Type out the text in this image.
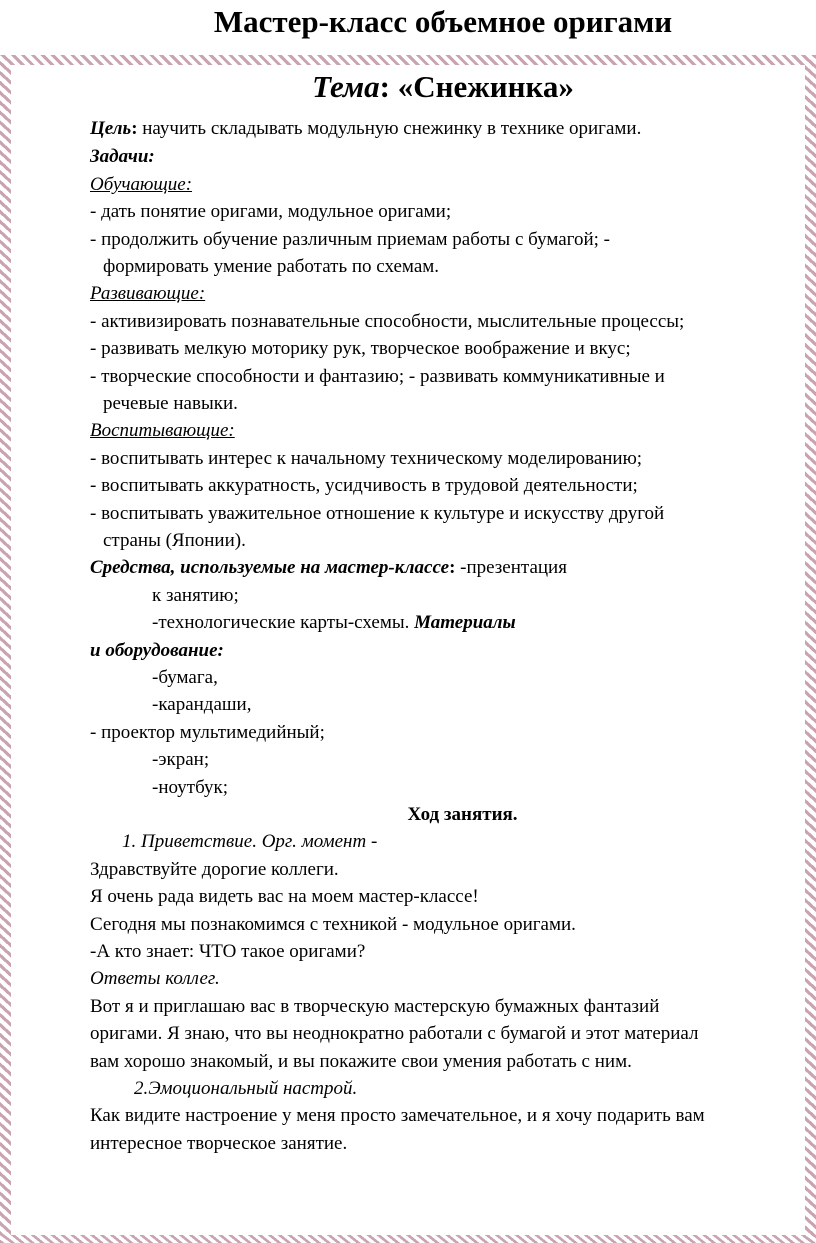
Мастер-класс объемное оригами
Тема: «Снежинка»
Цель: научить складывать модульную снежинку в технике оригами.
Задачи:
Обучающие:
- дать понятие оригами, модульное оригами;
- продолжить обучение различным приемам работы с бумагой; -
формировать умение работать по схемам.
Развивающие:
- активизировать познавательные способности, мыслительные процессы;
- развивать мелкую моторику рук, творческое воображение и вкус;
- творческие способности и фантазию; - развивать коммуникативные и
речевые навыки.
Воспитывающие:
- воспитывать интерес к начальному техническому моделированию;
- воспитывать аккуратность, усидчивость в трудовой деятельности;
- воспитывать уважительное отношение к культуре и искусству другой
страны (Японии).
Средства, используемые на мастер-классе: -презентация
к занятию;
-технологические карты-схемы. Материалы
и оборудование:
-бумага,
-карандаши,
- проектор мультимедийный;
-экран;
-ноутбук;
Ход занятия.
1. Приветствие. Орг. момент -
Здравствуйте дорогие коллеги.
Я очень рада видеть вас на моем мастер-классе!
Сегодня мы познакомимся с техникой - модульное оригами.
-А кто знает: ЧТО такое оригами?
Ответы коллег.
Вот я и приглашаю вас в творческую мастерскую бумажных фантазий
оригами. Я знаю, что вы неоднократно работали с бумагой и этот материал
вам хорошо знакомый, и вы покажите свои умения работать с ним.
2.Эмоциональный настрой.
Как видите настроение у меня просто замечательное, и я хочу подарить вам
интересное творческое занятие.
